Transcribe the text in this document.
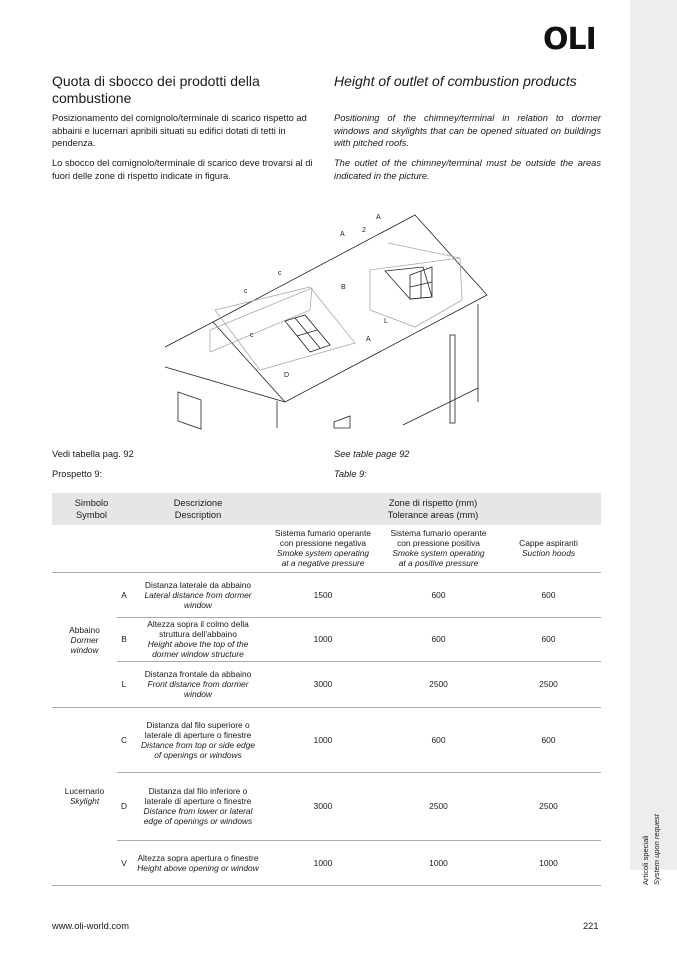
Articoli speciali System upon request
OLI
Quota di sbocco dei prodotti della combustione
Height of outlet of combustion products
Posizionamento del comignolo/terminale di scarico rispetto ad abbaini e lucernari apribili situati su edifici dotati di tetti in pendenza.
Lo sbocco del comignolo/terminale di scarico deve trovarsi al di fuori delle zone di rispetto indicate in figura.
Positioning of the chimney/terminal in relation to dormer windows and skylights that can be opened situated on buildings with pitched roofs.
The outlet of the chimney/terminal must be outside the areas indicated in the picture.
A
2
A
c
c
B
c
L
A
D
Vedi tabella pag. 92	See table page 92
Prospetto 9:	Table 9:
Simbolo
Symbol		Descrizione
Description	Zone di rispetto (mm)
Tolerance areas (mm)		
			Sistema fumario operante
con pressione negativa
Smoke system operating
at a negative pressure	Sistema fumario operante
con pressione positiva
Smoke system operating
at a positive pressure	Cappe aspiranti
Suction hoods
Abbaino
Dormer
window	A	Distanza laterale da abbaino
Lateral distance from dormer window	1500	600	600
	B	Altezza sopra il colmo della struttura dell’abbaino
Height above the top of the dormer window structure	1000	600	600
	L	Distanza frontale da abbaino
Front distance from dormer window	3000	2500	2500
Lucernario
Skylight	C	Distanza dal filo superiore o laterale di aperture o finestre
Distance from top or side edge of openings or windows	1000	600	600
	D	Distanza dal filo inferiore o laterale di aperture o finestre
Distance from lower or lateral edge of openings or windows	3000	2500	2500
	V	Altezza sopra apertura o finestre
Height above opening or window	1000	1000	1000
www.oli-world.com	221
